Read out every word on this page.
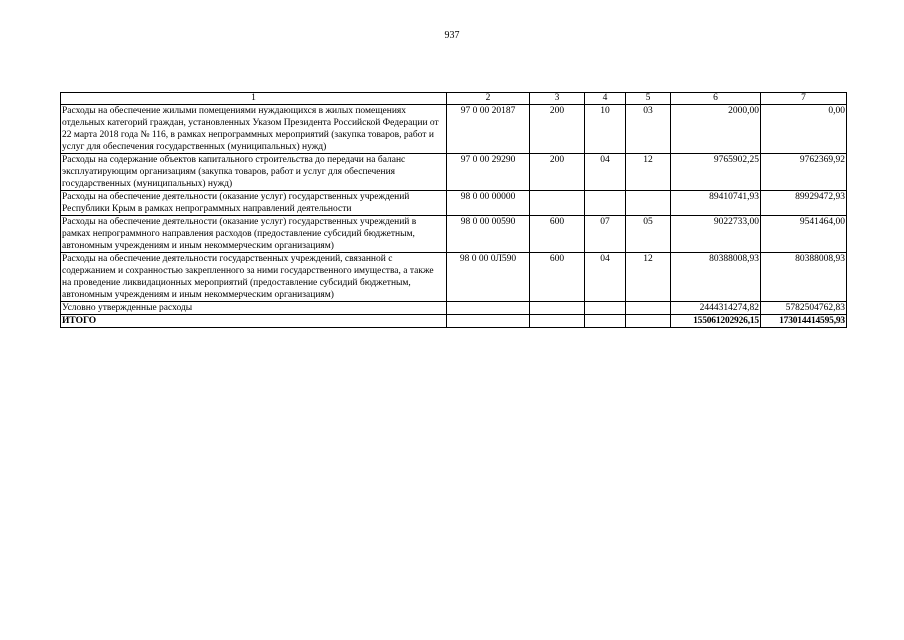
937
1	2	3	4	5	6	7
Расходы на обеспечение жилыми помещениями нуждающихся в жилых помещениях отдельных категорий граждан, установленных Указом Президента Российской Федерации от 22 марта 2018 года № 116, в рамках непрограммных мероприятий (закупка товаров, работ и услуг для обеспечения государственных (муниципальных) нужд)	97 0 00 20187	200	10	03	2000,00	0,00
Расходы на содержание объектов капитального строительства до передачи на баланс эксплуатирующим организациям (закупка товаров, работ и услуг для обеспечения государственных (муниципальных) нужд)	97 0 00 29290	200	04	12	9765902,25	9762369,92
Расходы на обеспечение деятельности (оказание услуг) государственных учреждений Республики Крым в рамках непрограммных направлений деятельности	98 0 00 00000				89410741,93	89929472,93
Расходы на обеспечение деятельности (оказание услуг) государственных учреждений в рамках непрограммного направления расходов (предоставление субсидий бюджетным, автономным учреждениям и иным некоммерческим организациям)	98 0 00 00590	600	07	05	9022733,00	9541464,00
Расходы на обеспечение деятельности государственных учреждений, связанной с содержанием и сохранностью закрепленного за ними государственного имущества, а также на проведение ликвидационных мероприятий (предоставление субсидий бюджетным, автономным учреждениям и иным некоммерческим организациям)	98 0 00 0Л590	600	04	12	80388008,93	80388008,93
Условно утвержденные расходы					2444314274,82	5782504762,83
ИТОГО					155061202926,15	173014414595,93
